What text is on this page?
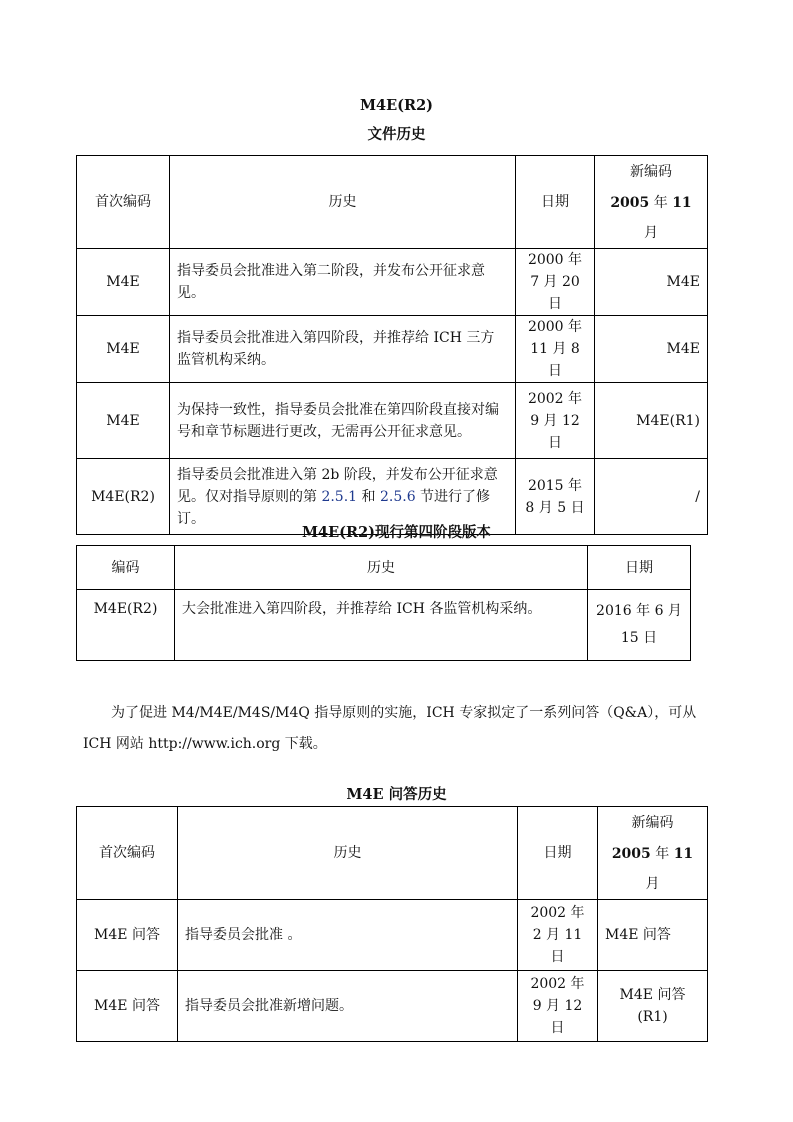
M4E(R2)
文件历史
首次编码	历史	日期	新编码
2005 年 11 月

M4E	指导委员会批准进入第二阶段，并发布公开征求意见。	2000 年 7 月 20 日	M4E
M4E	指导委员会批准进入第四阶段，并推荐给 ICH 三方监管机构采纳。	2000 年 11 月 8 日	M4E
M4E	为保持一致性，指导委员会批准在第四阶段直接对编号和章节标题进行更改，无需再公开征求意见。	2002 年 9 月 12 日	M4E(R1)
M4E(R2)	指导委员会批准进入第 2b 阶段，并发布公开征求意见。仅对指导原则的第 2.5.1 和 2.5.6 节进行了修订。	2015 年 8 月 5 日	/
M4E(R2)现行第四阶段版本
编码	历史	日期
M4E(R2)	大会批准进入第四阶段，并推荐给 ICH 各监管机构采纳。	2016 年 6 月 15 日

为了促进 M4/M4E/M4S/M4Q 指导原则的实施，ICH 专家拟定了一系列问答（Q&A），可从 ICH 网站 http://www.ich.org 下载。

M4E 问答历史
首次编码	历史	日期	新编码
2005 年 11 月

M4E 问答	指导委员会批准 。	2002 年 2 月 11 日	M4E 问答
M4E 问答	指导委员会批准新增问题。	2002 年 9 月 12 日	M4E 问答 (R1)
